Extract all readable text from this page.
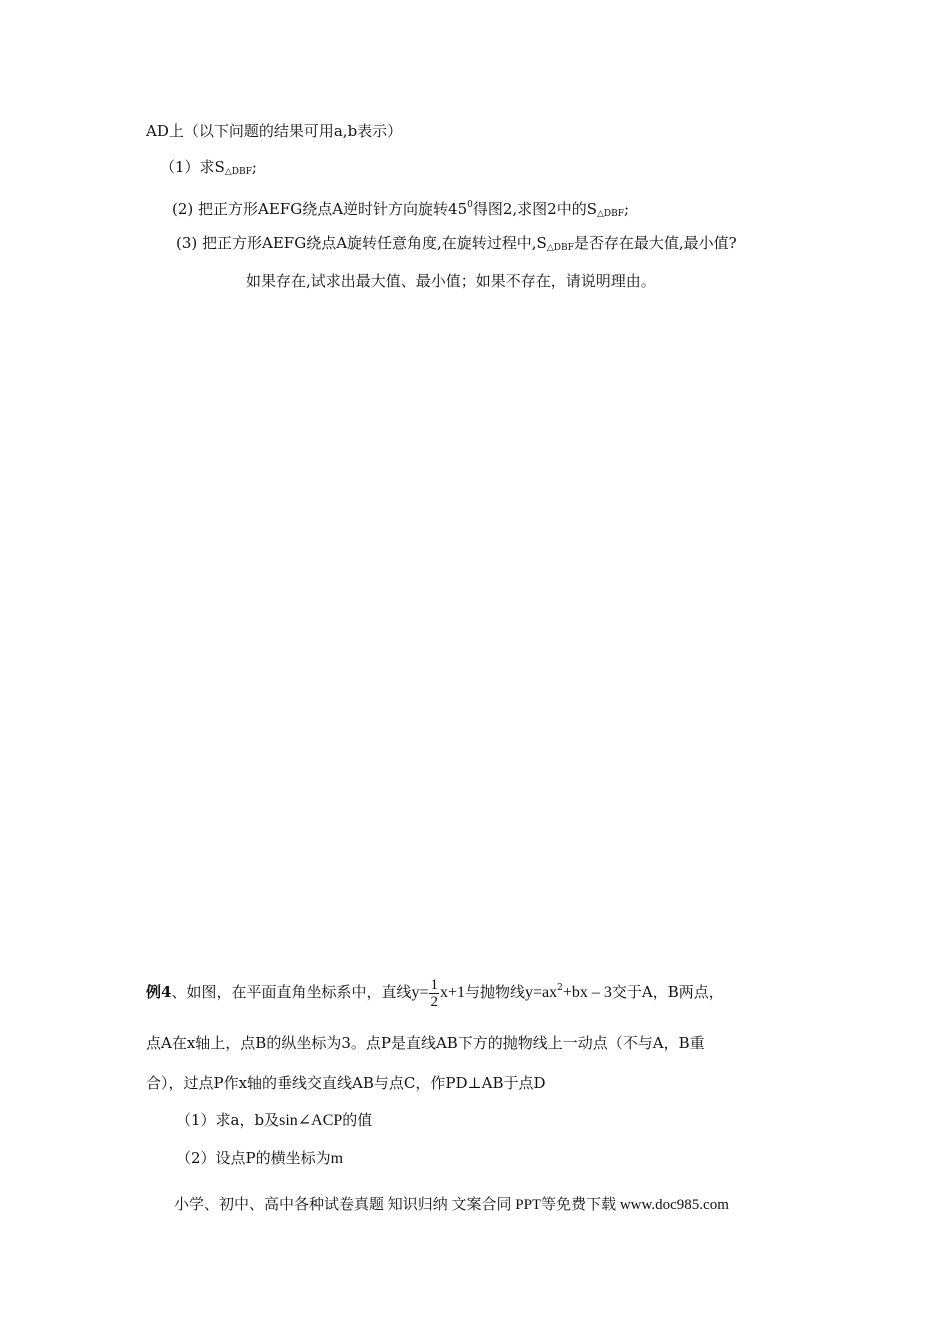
AD上（以下问题的结果可用a,b表示）
（1）求$S_{\triangle DBF}$;
(2) 把正方形AEFG绕点A逆时针方向旋转$45^0$得图2,求图2中的$S_{\triangle DBF}$;
(3) 把正方形AEFG绕点A旋转任意角度,在旋转过程中$,S_{\triangle DBF}$是否存在最大值,最小值?
如果存在,试求出最大值、最小值；如果不存在，请说明理由。
例4、如图，在平面直角坐标系中，直线$y= \frac{1}{2} x+1$与抛物线$y=ax^2+bx - 3$交于A，B两点，
点A在x轴上，点B的纵坐标为3。点P是直线AB下方的抛物线上一动点（不与A，B重
合），过点P作x轴的垂线交直线AB与点C，作PD⊥AB于点D
（1）求a，b及sin∠ACP的值
（2）设点P的横坐标为m
小学、初中、高中各种试卷真题 知识归纳 文案合同 PPT等免费下载 www.doc985.com
